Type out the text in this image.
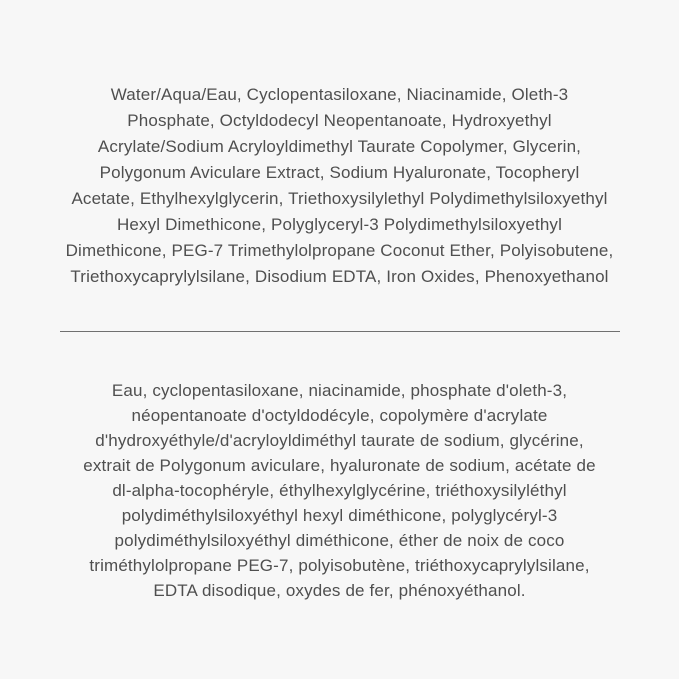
Water/Aqua/Eau, Cyclopentasiloxane, Niacinamide, Oleth-3
Phosphate, Octyldodecyl Neopentanoate, Hydroxyethyl
Acrylate/Sodium Acryloyldimethyl Taurate Copolymer, Glycerin,
Polygonum Aviculare Extract, Sodium Hyaluronate, Tocopheryl
Acetate, Ethylhexylglycerin, Triethoxysilylethyl Polydimethylsiloxyethyl
Hexyl Dimethicone, Polyglyceryl-3 Polydimethylsiloxyethyl
Dimethicone, PEG-7 Trimethylolpropane Coconut Ether, Polyisobutene,
Triethoxycaprylylsilane, Disodium EDTA, Iron Oxides, Phenoxyethanol
Eau, cyclopentasiloxane, niacinamide, phosphate d'oleth-3,
néopentanoate d'octyldodécyle, copolymère d'acrylate
d'hydroxyéthyle/d'acryloyldiméthyl taurate de sodium, glycérine,
extrait de Polygonum aviculare, hyaluronate de sodium, acétate de
dl-alpha-tocophéryle, éthylhexylglycérine, triéthoxysilyléthyl
polydiméthylsiloxyéthyl hexyl diméthicone, polyglycéryl-3
polydiméthylsiloxyéthyl diméthicone, éther de noix de coco
triméthylolpropane PEG-7, polyisobutène, triéthoxycaprylylsilane,
EDTA disodique, oxydes de fer, phénoxyéthanol.
